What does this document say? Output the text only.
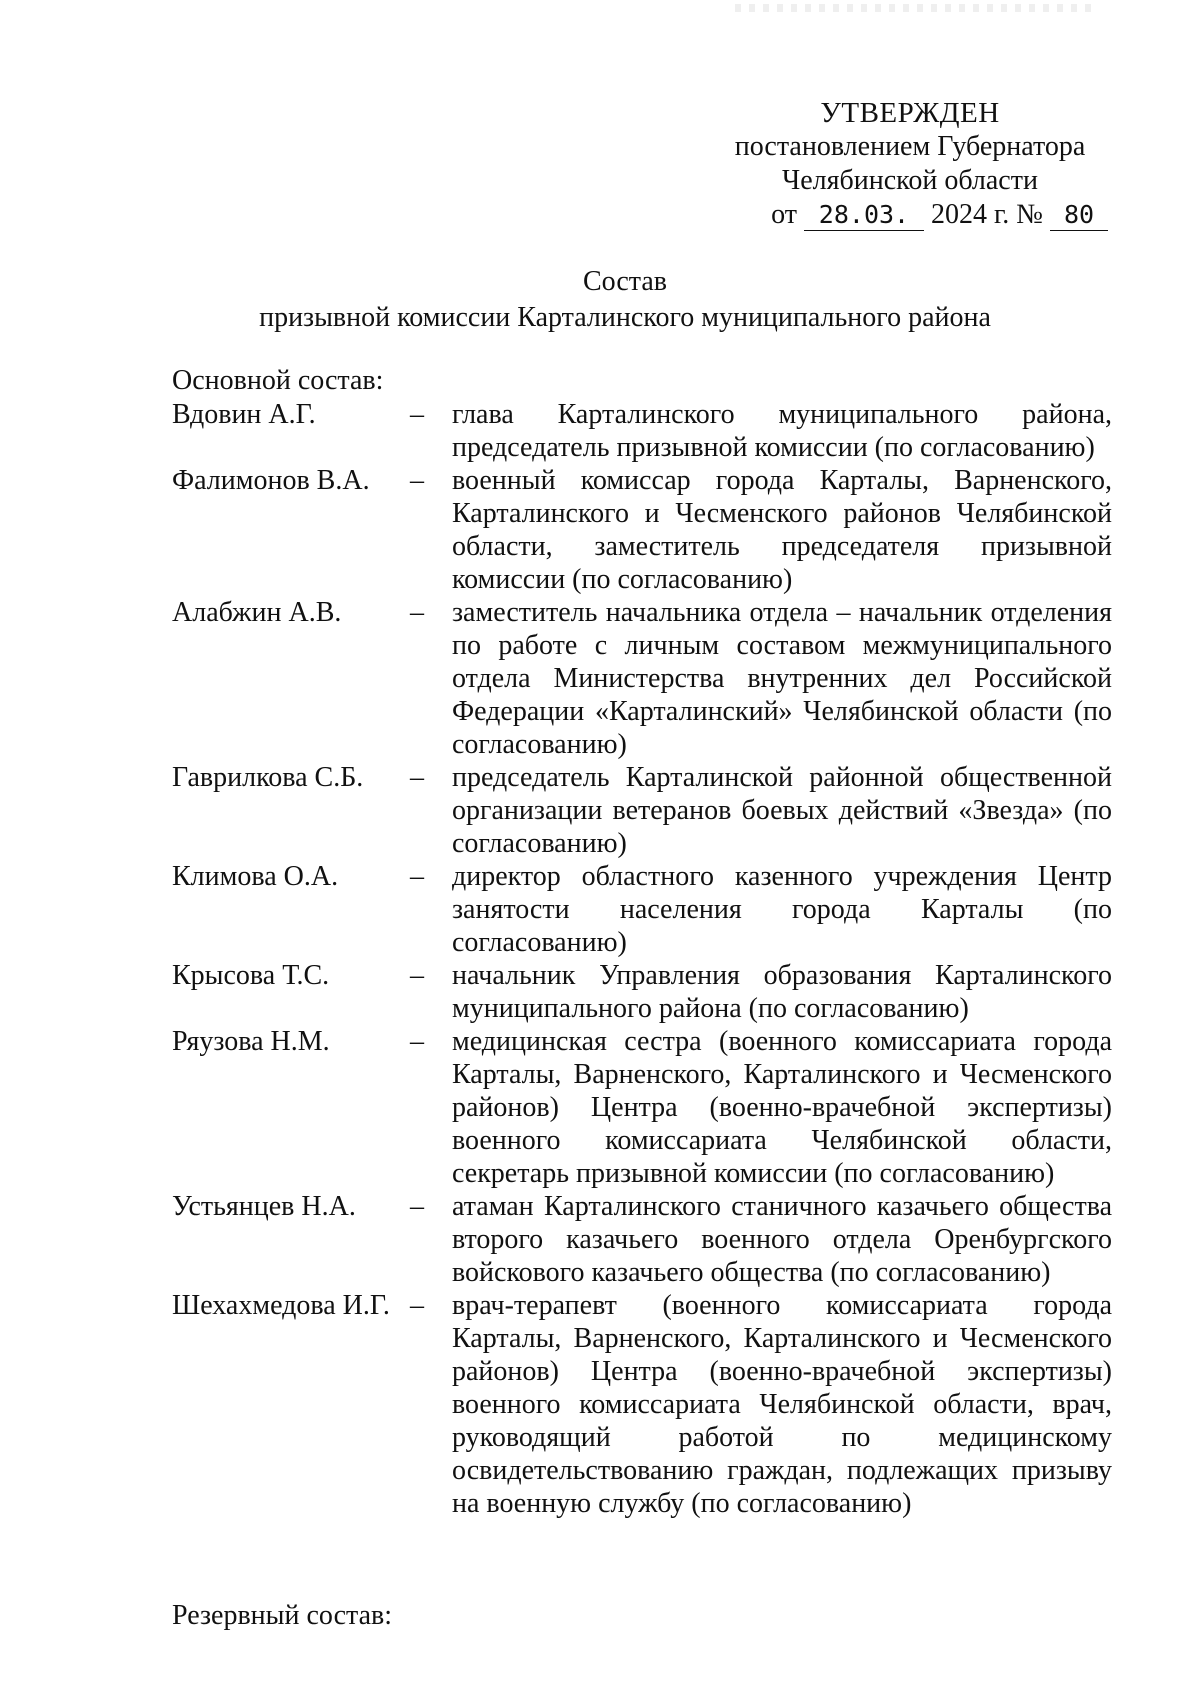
УТВЕРЖДЕН
постановлением Губернатора
Челябинской области
от 28.03. 2024 г. № 80
Состав
призывной комиссии Карталинского муниципального района
Основной состав:
Вдовин А.Г.	–	глава Карталинского муниципального района, председатель призывной комиссии (по согласованию)
Фалимонов В.А.	–	военный комиссар города Карталы, Варненского, Карталинского и Чесменского районов Челябинской области, заместитель председателя призывной комиссии (по согласованию)
Алабжин А.В.	–	заместитель начальника отдела – начальник отделения по работе с личным составом межмуниципального отдела Министерства внутренних дел Российской Федерации «Карталинский» Челябинской области (по согласованию)
Гаврилкова С.Б.	–	председатель Карталинской районной общественной организации ветеранов боевых действий «Звезда» (по согласованию)
Климова О.А.	–	директор областного казенного учреждения Центр занятости населения города Карталы (по согласованию)
Крысова Т.С.	–	начальник Управления образования Карталинского муниципального района (по согласованию)
Ряузова Н.М.	–	медицинская сестра (военного комиссариата города Карталы, Варненского, Карталинского и Чесменского районов) Центра (военно-врачебной экспертизы) военного комиссариата Челябинской области, секретарь призывной комиссии (по согласованию)
Устьянцев Н.А.	–	атаман Карталинского станичного казачьего общества второго казачьего военного отдела Оренбургского войскового казачьего общества (по согласованию)
Шехахмедова И.Г. –	врач-терапевт (военного комиссариата города Карталы, Варненского, Карталинского и Чесменского районов) Центра (военно-врачебной экспертизы) военного комиссариата Челябинской области, врач, руководящий работой по медицинскому освидетельствованию граждан, подлежащих призыву на военную службу (по согласованию)
Резервный состав:
